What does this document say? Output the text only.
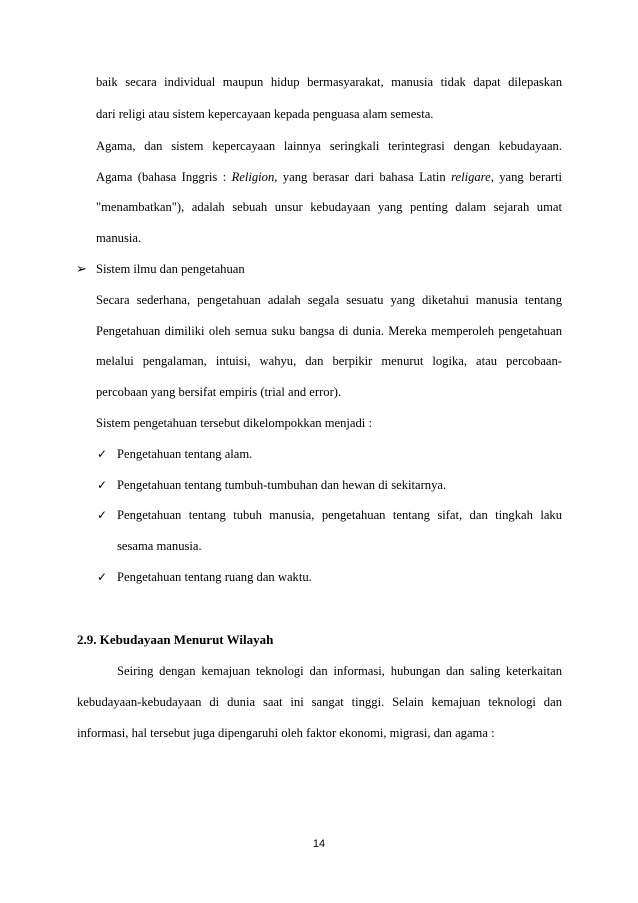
baik secara individual maupun hidup bermasyarakat, manusia tidak dapat dilepaskan
dari religi atau sistem kepercayaan kepada penguasa alam semesta.
Agama, dan sistem kepercayaan lainnya seringkali terintegrasi dengan kebudayaan.
Agama (bahasa Inggris : Religion, yang berasar dari bahasa Latin religare, yang berarti
"menambatkan"), adalah sebuah unsur kebudayaan yang penting dalam sejarah umat
manusia.
➢ Sistem ilmu dan pengetahuan
Secara sederhana, pengetahuan adalah segala sesuatu yang diketahui manusia tentang
Pengetahuan dimiliki oleh semua suku bangsa di dunia. Mereka memperoleh pengetahuan
melalui pengalaman, intuisi, wahyu, dan berpikir menurut logika, atau percobaan-
percobaan yang bersifat empiris (trial and error).
Sistem pengetahuan tersebut dikelompokkan menjadi :
✓ Pengetahuan tentang alam.
✓ Pengetahuan tentang tumbuh-tumbuhan dan hewan di sekitarnya.
✓ Pengetahuan tentang tubuh manusia, pengetahuan tentang sifat, dan tingkah laku
sesama manusia.
✓ Pengetahuan tentang ruang dan waktu.
2.9. Kebudayaan Menurut Wilayah
Seiring dengan kemajuan teknologi dan informasi, hubungan dan saling keterkaitan
kebudayaan-kebudayaan di dunia saat ini sangat tinggi. Selain kemajuan teknologi dan
informasi, hal tersebut juga dipengaruhi oleh faktor ekonomi, migrasi, dan agama :
14
